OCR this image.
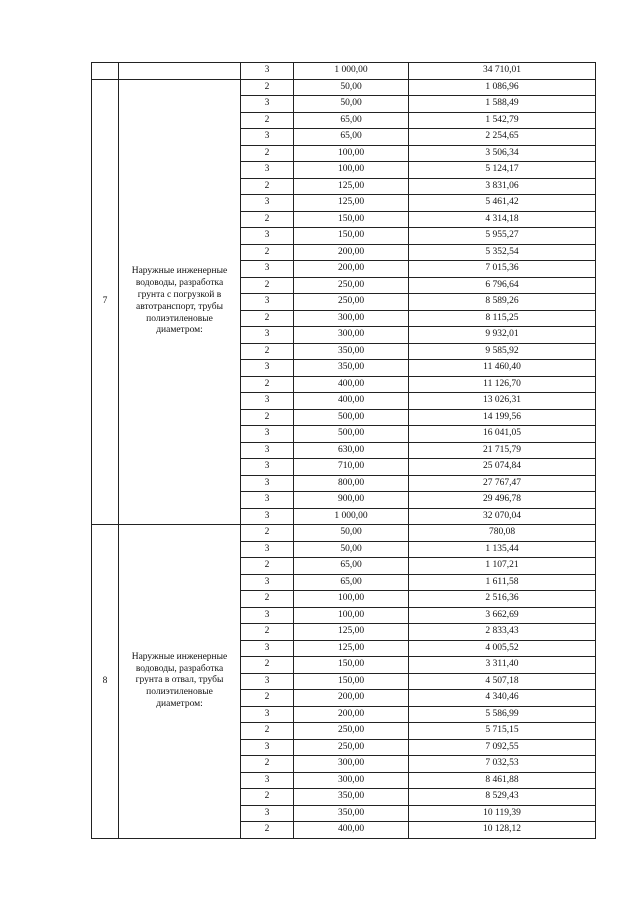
		3	1 000,00	34 710,01
7	Наружные инженерные водоводы, разработка грунта с погрузкой в автотранспорт, трубы полиэтиленовые диаметром:	2	50,00	1 086,96
		3	50,00	1 588,49
		2	65,00	1 542,79
		3	65,00	2 254,65
		2	100,00	3 506,34
		3	100,00	5 124,17
		2	125,00	3 831,06
		3	125,00	5 461,42
		2	150,00	4 314,18
		3	150,00	5 955,27
		2	200,00	5 352,54
		3	200,00	7 015,36
		2	250,00	6 796,64
		3	250,00	8 589,26
		2	300,00	8 115,25
		3	300,00	9 932,01
		2	350,00	9 585,92
		3	350,00	11 460,40
		2	400,00	11 126,70
		3	400,00	13 026,31
		2	500,00	14 199,56
		3	500,00	16 041,05
		3	630,00	21 715,79
		3	710,00	25 074,84
		3	800,00	27 767,47
		3	900,00	29 496,78
		3	1 000,00	32 070,04
8	Наружные инженерные водоводы, разработка грунта в отвал, трубы полиэтиленовые диаметром:	2	50,00	780,08
		3	50,00	1 135,44
		2	65,00	1 107,21
		3	65,00	1 611,58
		2	100,00	2 516,36
		3	100,00	3 662,69
		2	125,00	2 833,43
		3	125,00	4 005,52
		2	150,00	3 311,40
		3	150,00	4 507,18
		2	200,00	4 340,46
		3	200,00	5 586,99
		2	250,00	5 715,15
		3	250,00	7 092,55
		2	300,00	7 032,53
		3	300,00	8 461,88
		2	350,00	8 529,43
		3	350,00	10 119,39
		2	400,00	10 128,12
